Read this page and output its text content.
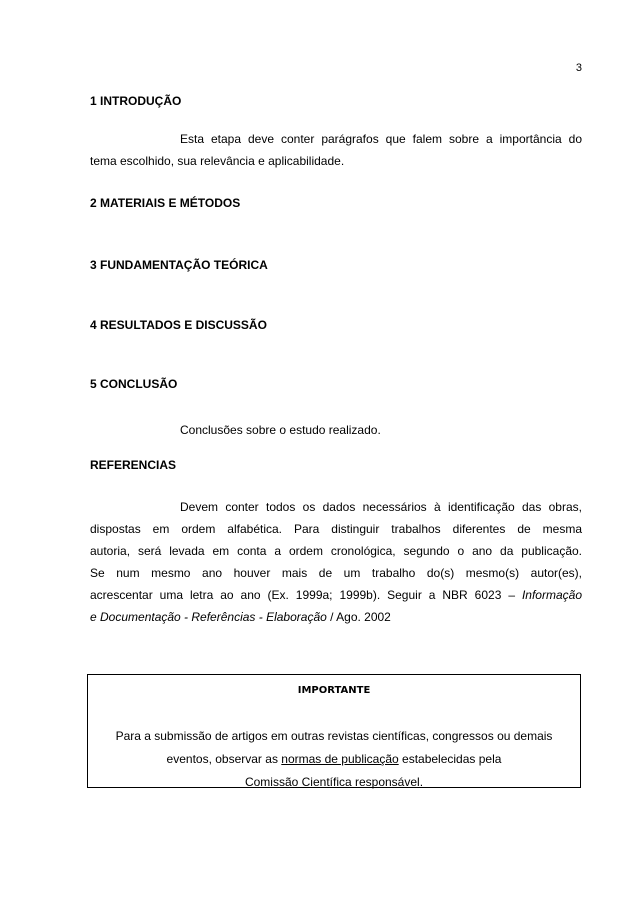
3
1 INTRODUÇÃO
Esta etapa deve conter parágrafos que falem sobre a importância do
tema escolhido, sua relevância e aplicabilidade.
2 MATERIAIS E MÉTODOS
3 FUNDAMENTAÇÃO TEÓRICA
4 RESULTADOS E DISCUSSÃO
5 CONCLUSÃO
Conclusões sobre o estudo realizado.
REFERENCIAS
Devem conter todos os dados necessários à identificação das obras,
dispostas em ordem alfabética. Para distinguir trabalhos diferentes de mesma
autoria, será levada em conta a ordem cronológica, segundo o ano da publicação.
Se num mesmo ano houver mais de um trabalho do(s) mesmo(s) autor(es),
acrescentar uma letra ao ano (Ex. 1999a; 1999b). Seguir a NBR 6023 – Informação
e Documentação - Referências - Elaboração / Ago. 2002
IMPORTANTE
Para a submissão de artigos em outras revistas científicas, congressos ou demais
eventos, observar as normas de publicação estabelecidas pela
Comissão Científica responsável.
